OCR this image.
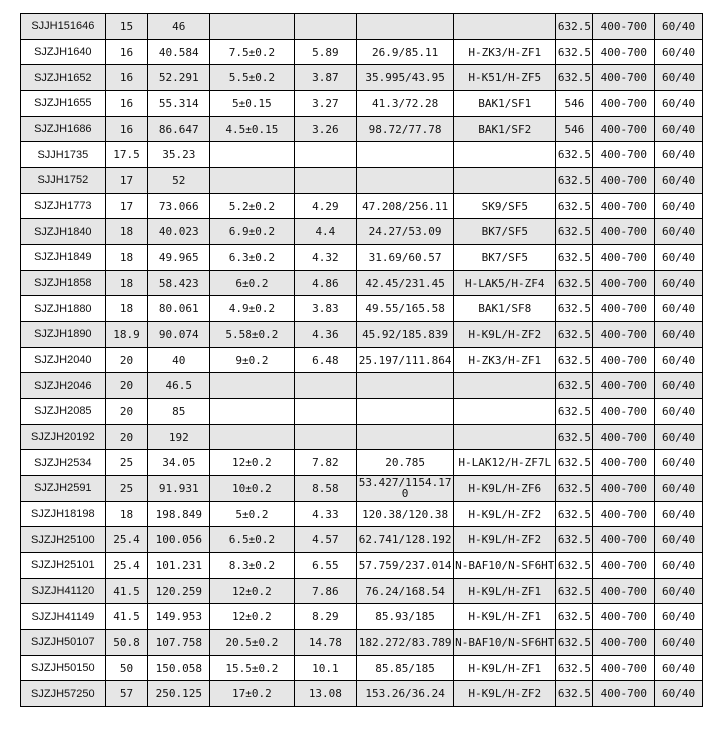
SJJH151646	15	46					632.5	400-700	60/40
SJZJH1640	16	40.584	7.5±0.2	5.89	26.9/85.11	H-ZK3/H-ZF1	632.5	400-700	60/40
SJZJH1652	16	52.291	5.5±0.2	3.87	35.995/43.95	H-K51/H-ZF5	632.5	400-700	60/40
SJZJH1655	16	55.314	5±0.15	3.27	41.3/72.28	BAK1/SF1	546	400-700	60/40
SJZJH1686	16	86.647	4.5±0.15	3.26	98.72/77.78	BAK1/SF2	546	400-700	60/40
SJJH1735	17.5	35.23					632.5	400-700	60/40
SJJH1752	17	52					632.5	400-700	60/40
SJZJH1773	17	73.066	5.2±0.2	4.29	47.208/256.11	SK9/SF5	632.5	400-700	60/40
SJZJH1840	18	40.023	6.9±0.2	4.4	24.27/53.09	BK7/SF5	632.5	400-700	60/40
SJZJH1849	18	49.965	6.3±0.2	4.32	31.69/60.57	BK7/SF5	632.5	400-700	60/40
SJZJH1858	18	58.423	6±0.2	4.86	42.45/231.45	H-LAK5/H-ZF4	632.5	400-700	60/40
SJZJH1880	18	80.061	4.9±0.2	3.83	49.55/165.58	BAK1/SF8	632.5	400-700	60/40
SJZJH1890	18.9	90.074	5.58±0.2	4.36	45.92/185.839	H-K9L/H-ZF2	632.5	400-700	60/40
SJZJH2040	20	40	9±0.2	6.48	25.197/111.864	H-ZK3/H-ZF1	632.5	400-700	60/40
SJZJH2046	20	46.5					632.5	400-700	60/40
SJZJH2085	20	85					632.5	400-700	60/40
SJZJH20192	20	192					632.5	400-700	60/40
SJZJH2534	25	34.05	12±0.2	7.82	20.785	H-LAK12/H-ZF7L	632.5	400-700	60/40
SJZJH2591	25	91.931	10±0.2	8.58	53.427/1154.170	H-K9L/H-ZF6	632.5	400-700	60/40
SJZJH18198	18	198.849	5±0.2	4.33	120.38/120.38	H-K9L/H-ZF2	632.5	400-700	60/40
SJZJH25100	25.4	100.056	6.5±0.2	4.57	62.741/128.192	H-K9L/H-ZF2	632.5	400-700	60/40
SJZJH25101	25.4	101.231	8.3±0.2	6.55	57.759/237.014	N-BAF10/N-SF6HT	632.5	400-700	60/40
SJZJH41120	41.5	120.259	12±0.2	7.86	76.24/168.54	H-K9L/H-ZF1	632.5	400-700	60/40
SJZJH41149	41.5	149.953	12±0.2	8.29	85.93/185	H-K9L/H-ZF1	632.5	400-700	60/40
SJZJH50107	50.8	107.758	20.5±0.2	14.78	182.272/83.789	N-BAF10/N-SF6HT	632.5	400-700	60/40
SJZJH50150	50	150.058	15.5±0.2	10.1	85.85/185	H-K9L/H-ZF1	632.5	400-700	60/40
SJZJH57250	57	250.125	17±0.2	13.08	153.26/36.24	H-K9L/H-ZF2	632.5	400-700	60/40
